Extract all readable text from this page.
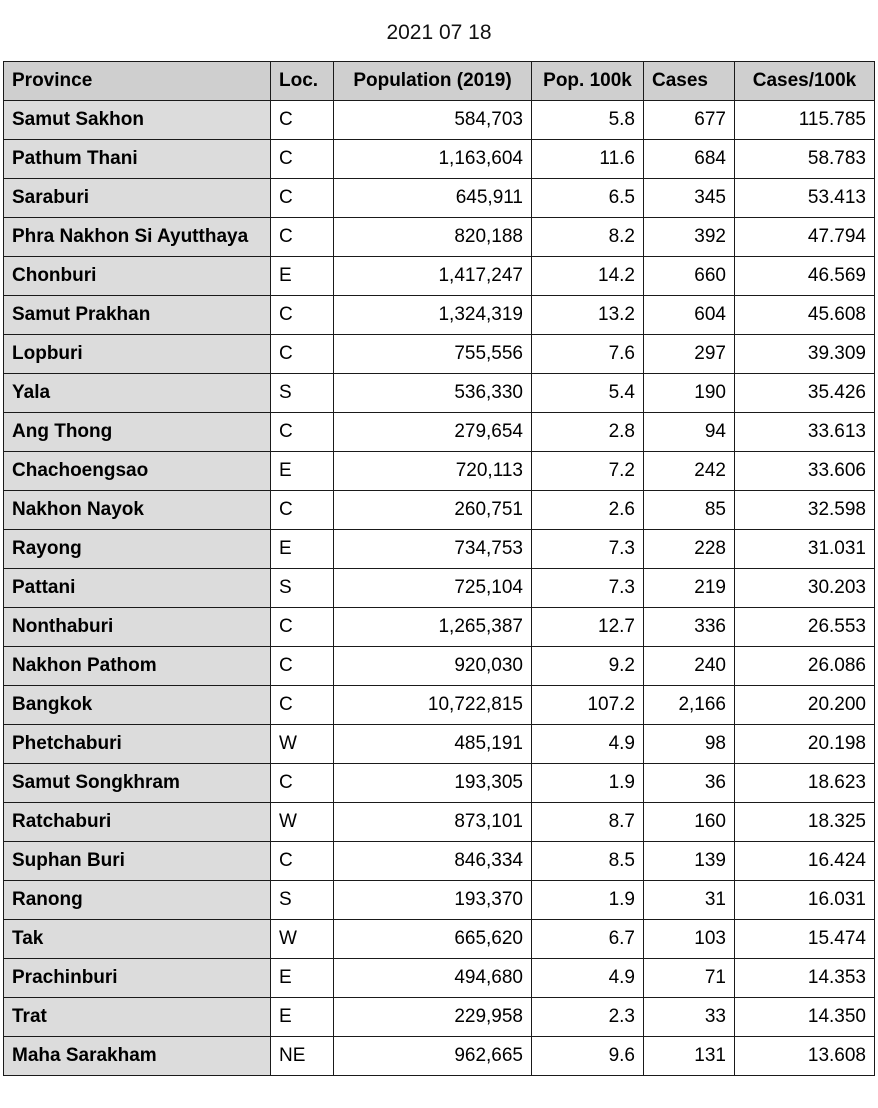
2021 07 18
Province	Loc.	Population (2019)	Pop. 100k	Cases	Cases/100k
Samut Sakhon	C	584,703	5.8	677	115.785
Pathum Thani	C	1,163,604	11.6	684	58.783
Saraburi	C	645,911	6.5	345	53.413
Phra Nakhon Si Ayutthaya	C	820,188	8.2	392	47.794
Chonburi	E	1,417,247	14.2	660	46.569
Samut Prakhan	C	1,324,319	13.2	604	45.608
Lopburi	C	755,556	7.6	297	39.309
Yala	S	536,330	5.4	190	35.426
Ang Thong	C	279,654	2.8	94	33.613
Chachoengsao	E	720,113	7.2	242	33.606
Nakhon Nayok	C	260,751	2.6	85	32.598
Rayong	E	734,753	7.3	228	31.031
Pattani	S	725,104	7.3	219	30.203
Nonthaburi	C	1,265,387	12.7	336	26.553
Nakhon Pathom	C	920,030	9.2	240	26.086
Bangkok	C	10,722,815	107.2	2,166	20.200
Phetchaburi	W	485,191	4.9	98	20.198
Samut Songkhram	C	193,305	1.9	36	18.623
Ratchaburi	W	873,101	8.7	160	18.325
Suphan Buri	C	846,334	8.5	139	16.424
Ranong	S	193,370	1.9	31	16.031
Tak	W	665,620	6.7	103	15.474
Prachinburi	E	494,680	4.9	71	14.353
Trat	E	229,958	2.3	33	14.350
Maha Sarakham	NE	962,665	9.6	131	13.608
